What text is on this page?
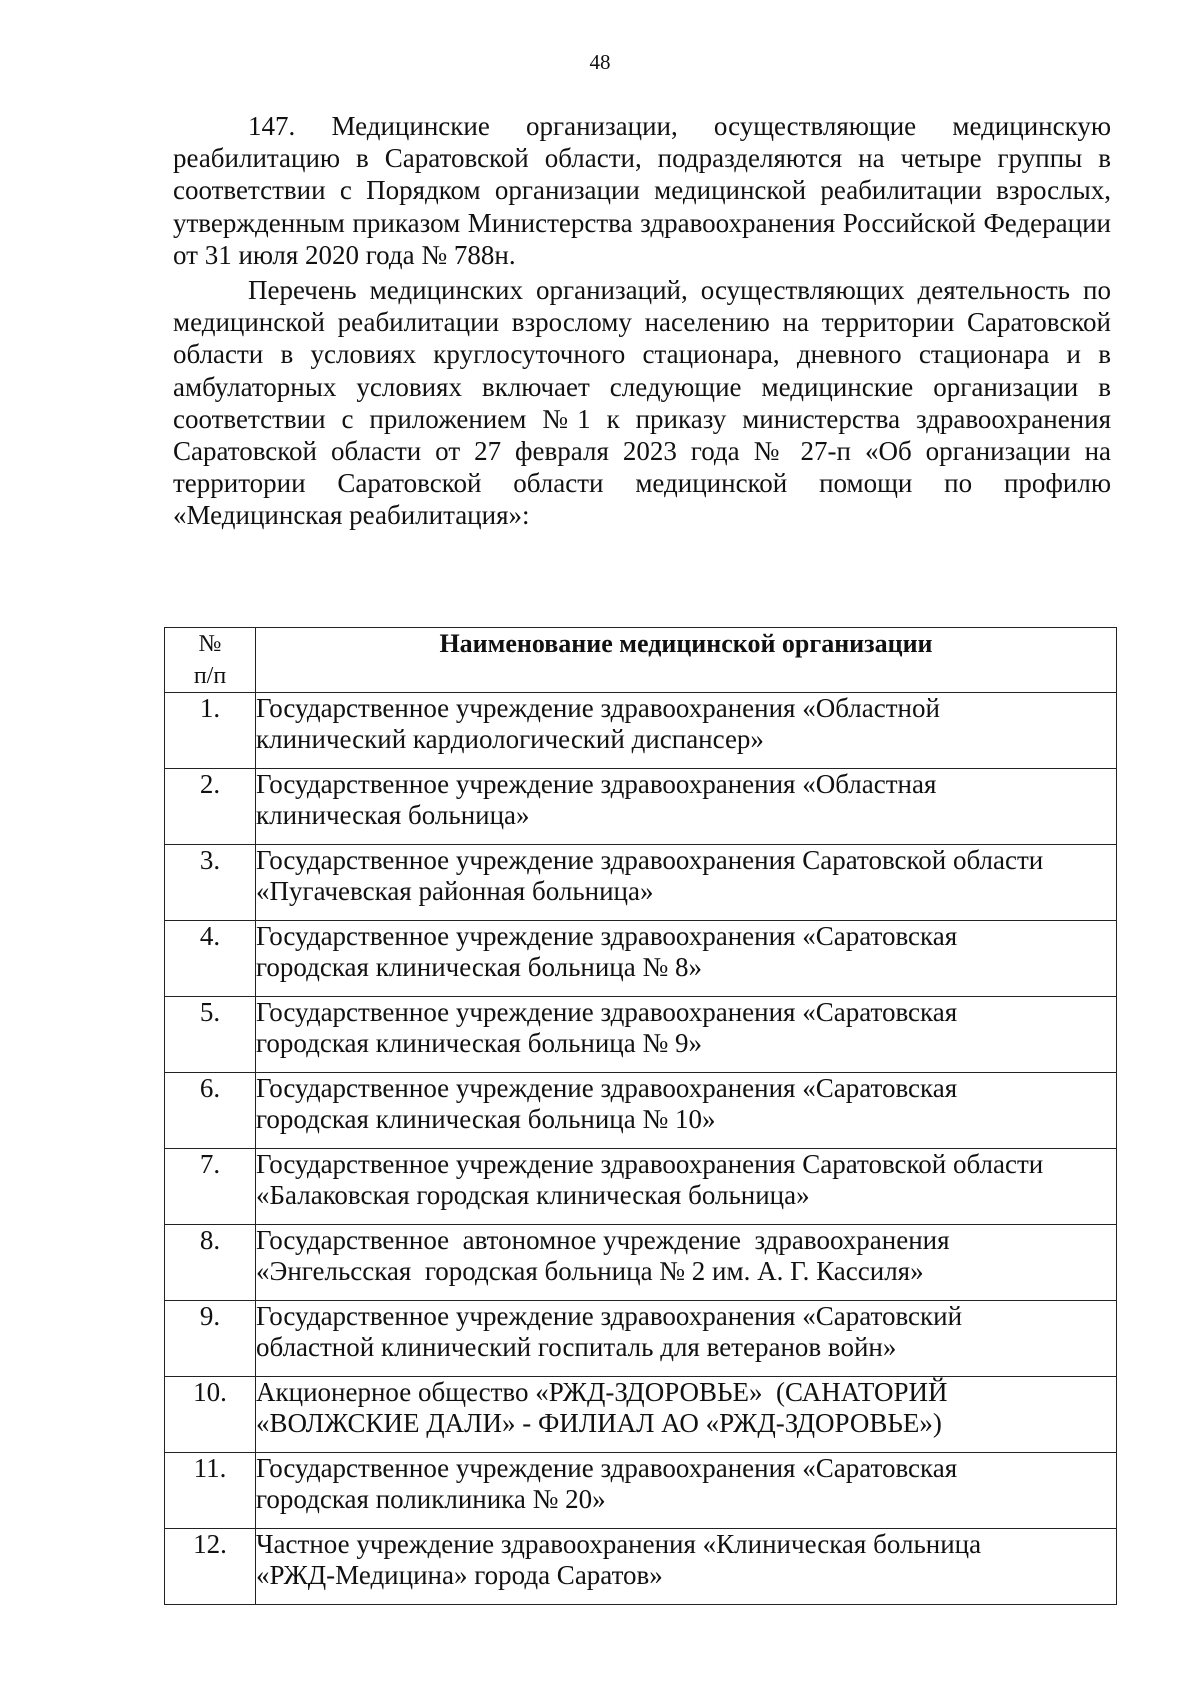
48

147. Медицинские организации, осуществляющие медицинскую реабилитацию в Саратовской области, подразделяются на четыре группы в соответствии с Порядком организации медицинской реабилитации взрослых, утвержденным приказом Министерства здравоохранения Российской Федерации от 31 июля 2020 года № 788н.

Перечень медицинских организаций, осуществляющих деятельность по медицинской реабилитации взрослому населению на территории Саратовской области в условиях круглосуточного стационара, дневного стационара и в амбулаторных условиях включает следующие медицинские организации в соответствии с приложением №1 к приказу министерства здравоохранения Саратовской области от 27 февраля 2023 года № 27-п «Об организации на территории Саратовской области медицинской помощи по профилю «Медицинская реабилитация»:

№
п/п	Наименование медицинской организации
1.	Государственное учреждение здравоохранения «Областной
клинический кардиологический диспансер»
2.	Государственное учреждение здравоохранения «Областная
клиническая больница»
3.	Государственное учреждение здравоохранения Саратовской области
«Пугачевская районная больница»
4.	Государственное учреждение здравоохранения «Саратовская
городская клиническая больница № 8»
5.	Государственное учреждение здравоохранения «Саратовская
городская клиническая больница № 9»
6.	Государственное учреждение здравоохранения «Саратовская
городская клиническая больница № 10»
7.	Государственное учреждение здравоохранения Саратовской области
«Балаковская городская клиническая больница»
8.	Государственное  автономное учреждение  здравоохранения
«Энгельсская  городская больница № 2 им. А. Г. Кассиля»
9.	Государственное учреждение здравоохранения «Саратовский
областной клинический госпиталь для ветеранов войн»
10.	Акционерное общество «РЖД-ЗДОРОВЬЕ»  (САНАТОРИЙ
«ВОЛЖСКИЕ ДАЛИ» - ФИЛИАЛ АО «РЖД-ЗДОРОВЬЕ»)
11.	Государственное учреждение здравоохранения «Саратовская
городская поликлиника № 20»
12.	Частное учреждение здравоохранения «Клиническая больница
«РЖД-Медицина» города Саратов»
